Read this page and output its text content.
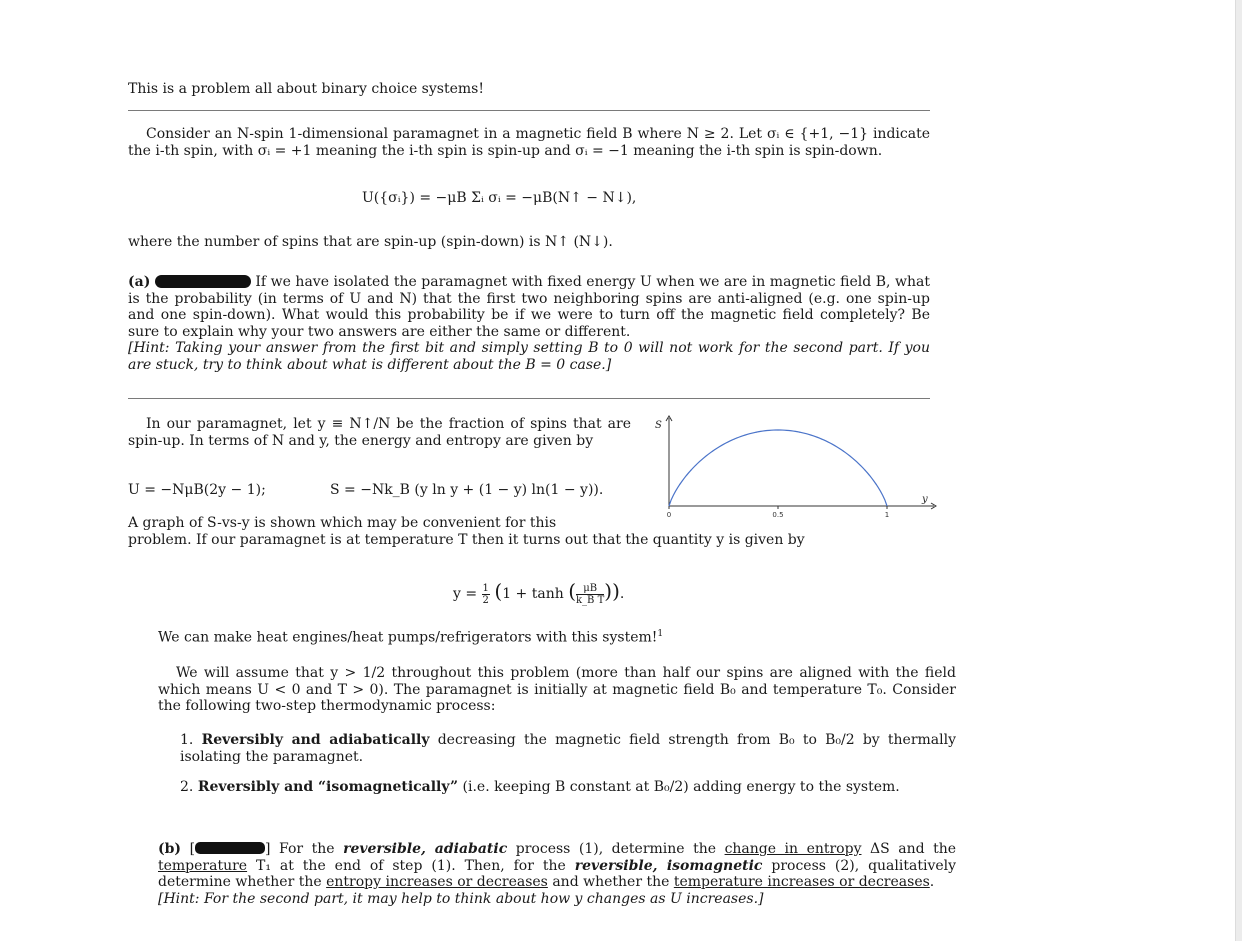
This is a problem all about binary choice systems!

Consider an N-spin 1-dimensional paramagnet in a magnetic field B where N ≥ 2. Let σᵢ ∈ {+1, −1} indicate the i-th spin, with σᵢ = +1 meaning the i-th spin is spin-up and σᵢ = −1 meaning the i-th spin is spin-down.

U({σᵢ}) = −μB Σᵢ σᵢ = −μB(N↑ − N↓),

where the number of spins that are spin-up (spin-down) is N↑ (N↓).

(a)	If we have isolated the paramagnet with fixed energy U when we are in magnetic field B, what is the probability (in terms of U and N) that the first two neighboring spins are anti-aligned (e.g. one spin-up and one spin-down). What would this probability be if we were to turn off the magnetic field completely? Be sure to explain why your two answers are either the same or different.
[Hint: Taking your answer from the first bit and simply setting B to 0 will not work for the second part. If you are stuck, try to think about what is different about the B = 0 case.]

In our paramagnet, let y ≡ N↑/N be the fraction of spins that are spin-up. In terms of N and y, the energy and entropy are given by

U = −NμB(2y − 1);	S = −Nk_B (y ln y + (1 − y) ln(1 − y)).
0	0.5	1
y
S

A graph of S-vs-y is shown which may be convenient for this

problem. If our paramagnet is at temperature T then it turns out that the quantity y is given by

$y = \frac{1}{2} (1 + \tanh$ ( $\frac{\mu B}{\text{k\_B T}}$ )).

We can make heat engines/heat pumps/refrigerators with this system!$^1$

We will assume that y > 1/2 throughout this problem (more than half our spins are aligned with the field which means U < 0 and T > 0). The paramagnet is initially at magnetic field B₀ and temperature T₀. Consider the following two-step thermodynamic process:

1. Reversibly and adiabatically decreasing the magnetic field strength from B₀ to B₀/2 by thermally isolating the paramagnet.
2. Reversibly and “isomagnetically” (i.e. keeping B constant at B₀/2) adding energy to the system.

(b) [	] For the reversible, adiabatic process (1), determine the change in entropy ΔS and the temperature T₁ at the end of step (1). Then, for the reversible, isomagnetic process (2), qualitatively determine whether the entropy increases or decreases and whether the temperature increases or decreases.
[Hint: For the second part, it may help to think about how y changes as U increases.]
